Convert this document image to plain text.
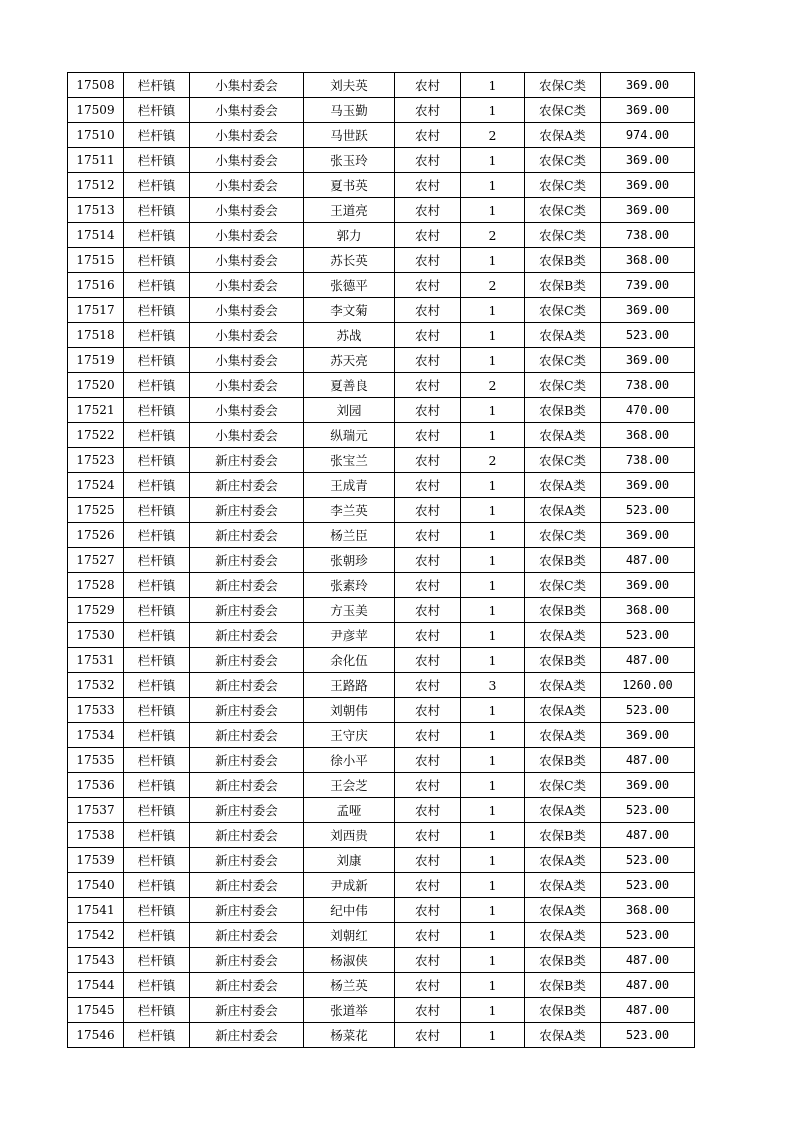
17508	栏杆镇	小集村委会	刘夫英	农村	1	农保C类	369.00
17509	栏杆镇	小集村委会	马玉勤	农村	1	农保C类	369.00
17510	栏杆镇	小集村委会	马世跃	农村	2	农保A类	974.00
17511	栏杆镇	小集村委会	张玉玲	农村	1	农保C类	369.00
17512	栏杆镇	小集村委会	夏书英	农村	1	农保C类	369.00
17513	栏杆镇	小集村委会	王道亮	农村	1	农保C类	369.00
17514	栏杆镇	小集村委会	郭力	农村	2	农保C类	738.00
17515	栏杆镇	小集村委会	苏长英	农村	1	农保B类	368.00
17516	栏杆镇	小集村委会	张德平	农村	2	农保B类	739.00
17517	栏杆镇	小集村委会	李文菊	农村	1	农保C类	369.00
17518	栏杆镇	小集村委会	苏战	农村	1	农保A类	523.00
17519	栏杆镇	小集村委会	苏天亮	农村	1	农保C类	369.00
17520	栏杆镇	小集村委会	夏善良	农村	2	农保C类	738.00
17521	栏杆镇	小集村委会	刘园	农村	1	农保B类	470.00
17522	栏杆镇	小集村委会	纵瑞元	农村	1	农保A类	368.00
17523	栏杆镇	新庄村委会	张宝兰	农村	2	农保C类	738.00
17524	栏杆镇	新庄村委会	王成青	农村	1	农保A类	369.00
17525	栏杆镇	新庄村委会	李兰英	农村	1	农保A类	523.00
17526	栏杆镇	新庄村委会	杨兰臣	农村	1	农保C类	369.00
17527	栏杆镇	新庄村委会	张朝珍	农村	1	农保B类	487.00
17528	栏杆镇	新庄村委会	张素玲	农村	1	农保C类	369.00
17529	栏杆镇	新庄村委会	方玉美	农村	1	农保B类	368.00
17530	栏杆镇	新庄村委会	尹彦苹	农村	1	农保A类	523.00
17531	栏杆镇	新庄村委会	余化伍	农村	1	农保B类	487.00
17532	栏杆镇	新庄村委会	王路路	农村	3	农保A类	1260.00
17533	栏杆镇	新庄村委会	刘朝伟	农村	1	农保A类	523.00
17534	栏杆镇	新庄村委会	王守庆	农村	1	农保A类	369.00
17535	栏杆镇	新庄村委会	徐小平	农村	1	农保B类	487.00
17536	栏杆镇	新庄村委会	王会芝	农村	1	农保C类	369.00
17537	栏杆镇	新庄村委会	孟哑	农村	1	农保A类	523.00
17538	栏杆镇	新庄村委会	刘西贵	农村	1	农保B类	487.00
17539	栏杆镇	新庄村委会	刘康	农村	1	农保A类	523.00
17540	栏杆镇	新庄村委会	尹成新	农村	1	农保A类	523.00
17541	栏杆镇	新庄村委会	纪中伟	农村	1	农保A类	368.00
17542	栏杆镇	新庄村委会	刘朝红	农村	1	农保A类	523.00
17543	栏杆镇	新庄村委会	杨淑侠	农村	1	农保B类	487.00
17544	栏杆镇	新庄村委会	杨兰英	农村	1	农保B类	487.00
17545	栏杆镇	新庄村委会	张道举	农村	1	农保B类	487.00
17546	栏杆镇	新庄村委会	杨菜花	农村	1	农保A类	523.00
